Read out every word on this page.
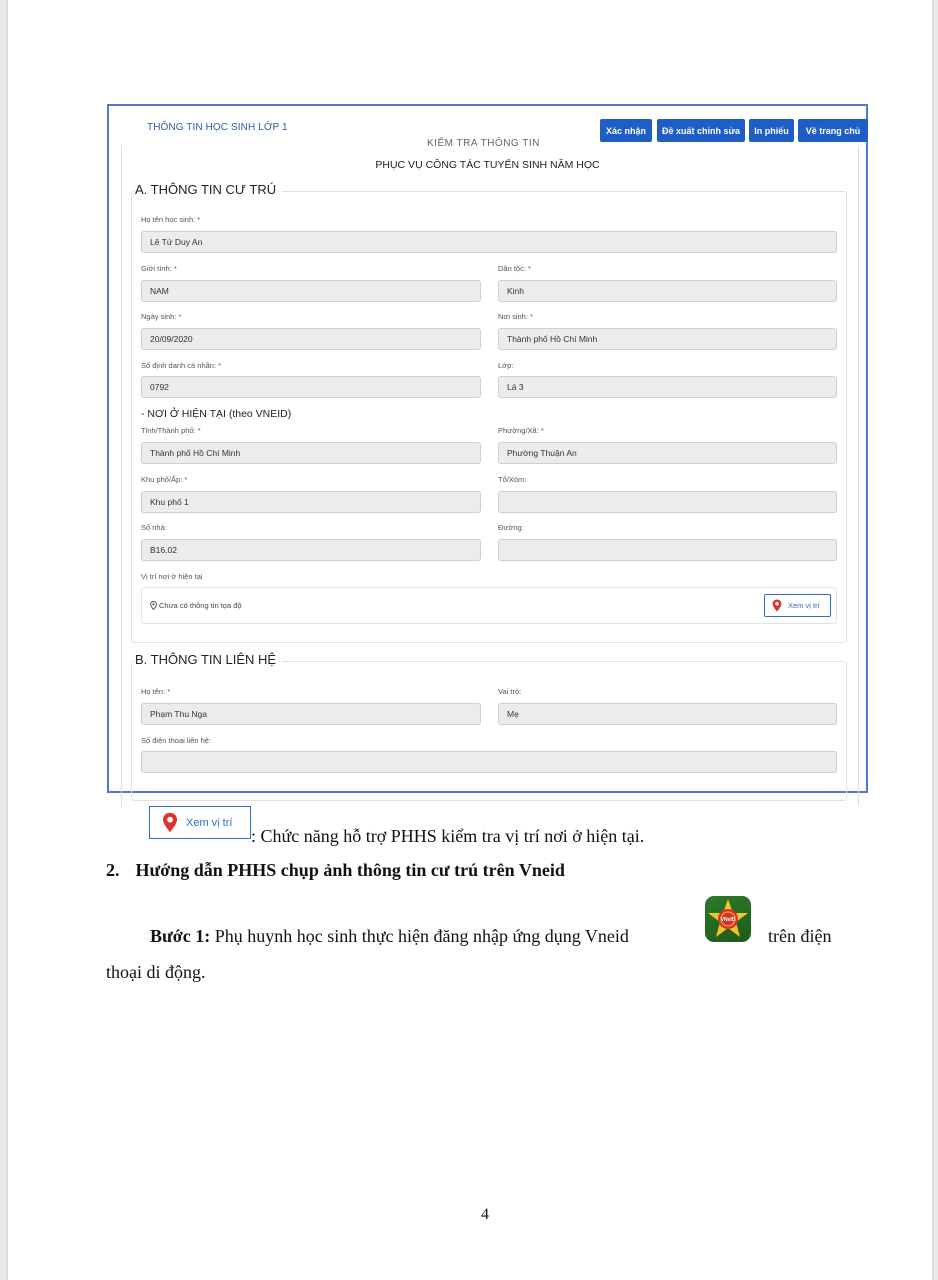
THÔNG TIN HỌC SINH LỚP 1	Xác nhận	Đề xuất chỉnh sửa	In phiếu	Về trang chủ
KIỂM TRA THÔNG TIN
PHỤC VỤ CÔNG TÁC TUYỂN SINH NĂM HỌC
A. THÔNG TIN CƯ TRÚ
Họ tên học sinh: *
Lê Tứ Duy An
Giới tính: *
NAM
Dân tộc: *
Kinh
Ngày sinh: *
20/09/2020
Nơi sinh: *
Thành phố Hồ Chí Minh
Số định danh cá nhân: *
0792
Lớp:
Lá 3
- NƠI Ở HIỆN TẠI (theo VNEID)
Tỉnh/Thành phố: *
Thành phố Hồ Chí Minh
Phường/Xã: *
Phường Thuận An
Khu phố/Ấp: *
Khu phố 1
Tổ/Xóm:
Số nhà:
B16.02
Đường:
Vị trí nơi ở hiện tại
Chưa có thông tin tọa độ	Xem vị trí
B. THÔNG TIN LIÊN HỆ
Họ tên: *
Phạm Thu Nga
Vai trò:
Mẹ
Số điện thoại liên hệ:
Xem vị trí
: Chức năng hỗ trợ PHHS kiểm tra vị trí nơi ở hiện tại.
2. Hướng dẫn PHHS chụp ảnh thông tin cư trú trên Vneid
Bước 1: Phụ huynh học sinh thực hiện đăng nhập ứng dụng Vneid
VNeID
trên điện
thoại di động.
4
